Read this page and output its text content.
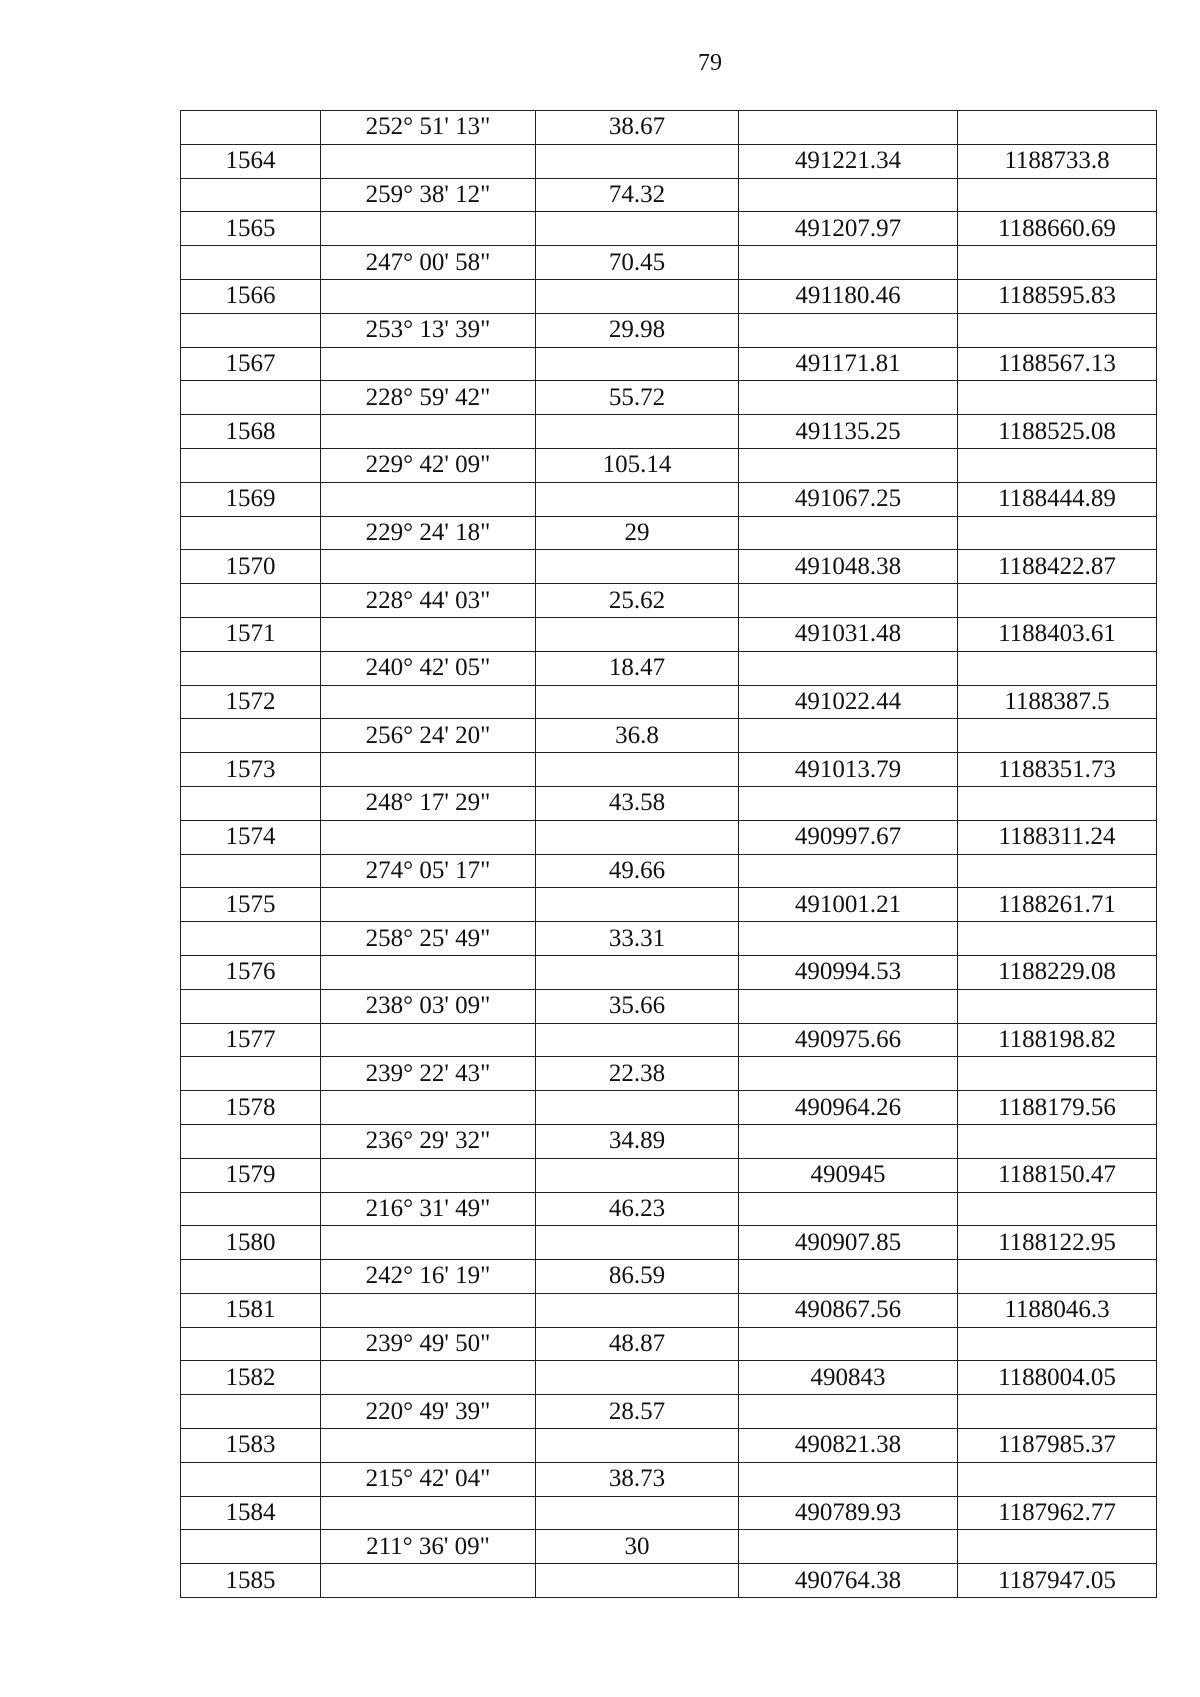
79
	252° 51' 13"	38.67		
1564			491221.34	1188733.8
	259° 38' 12"	74.32		
1565			491207.97	1188660.69
	247° 00' 58"	70.45		
1566			491180.46	1188595.83
	253° 13' 39"	29.98		
1567			491171.81	1188567.13
	228° 59' 42"	55.72		
1568			491135.25	1188525.08
	229° 42' 09"	105.14		
1569			491067.25	1188444.89
	229° 24' 18"	29		
1570			491048.38	1188422.87
	228° 44' 03"	25.62		
1571			491031.48	1188403.61
	240° 42' 05"	18.47		
1572			491022.44	1188387.5
	256° 24' 20"	36.8		
1573			491013.79	1188351.73
	248° 17' 29"	43.58		
1574			490997.67	1188311.24
	274° 05' 17"	49.66		
1575			491001.21	1188261.71
	258° 25' 49"	33.31		
1576			490994.53	1188229.08
	238° 03' 09"	35.66		
1577			490975.66	1188198.82
	239° 22' 43"	22.38		
1578			490964.26	1188179.56
	236° 29' 32"	34.89		
1579			490945	1188150.47
	216° 31' 49"	46.23		
1580			490907.85	1188122.95
	242° 16' 19"	86.59		
1581			490867.56	1188046.3
	239° 49' 50"	48.87		
1582			490843	1188004.05
	220° 49' 39"	28.57		
1583			490821.38	1187985.37
	215° 42' 04"	38.73		
1584			490789.93	1187962.77
	211° 36' 09"	30		
1585			490764.38	1187947.05
